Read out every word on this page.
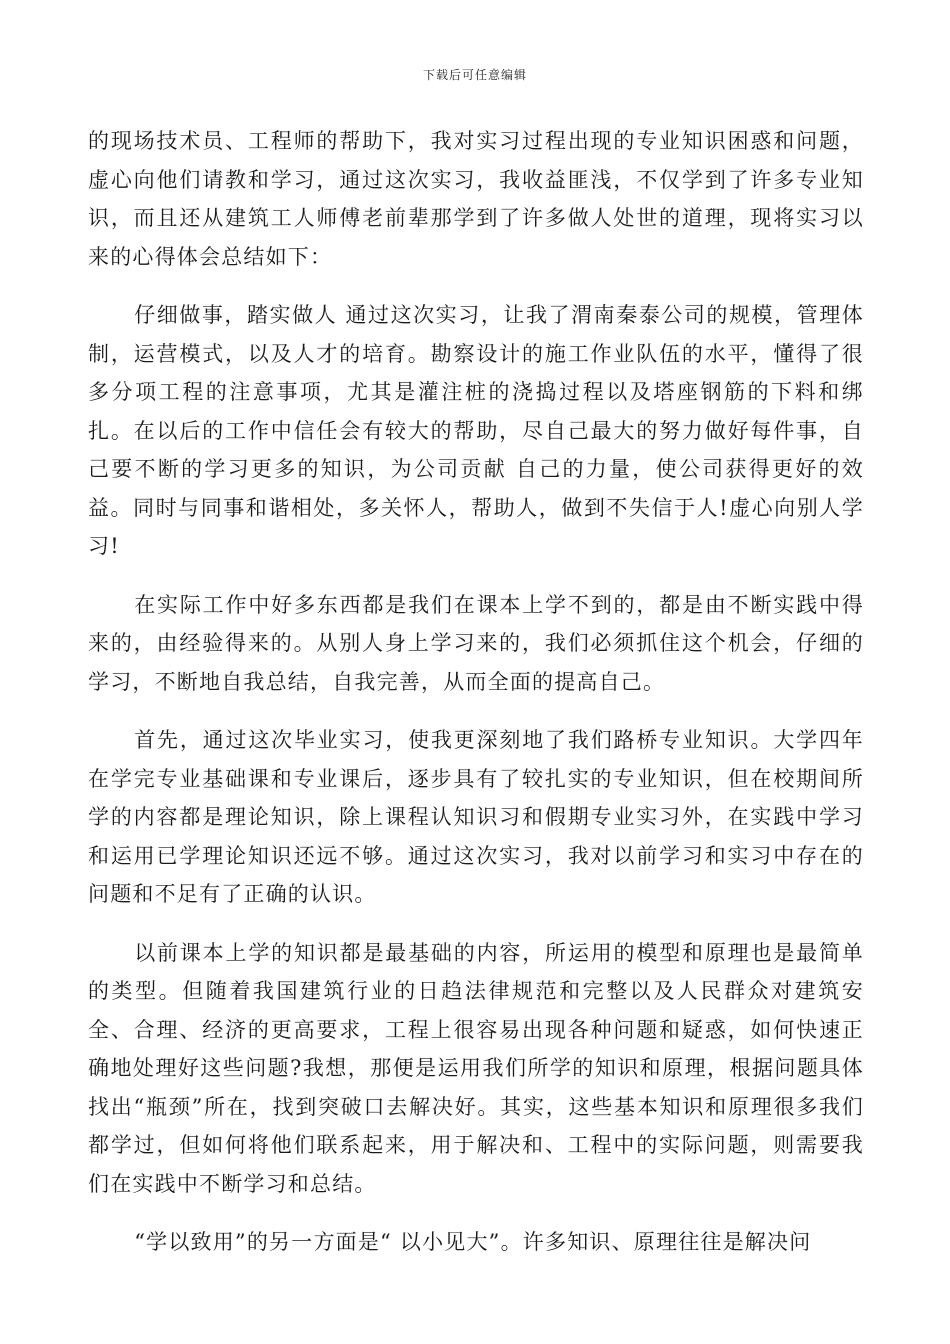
下载后可任意编辑

的现场技术员、工程师的帮助下，我对实习过程出现的专业知识困惑和问题，虚心向他们请教和学习，通过这次实习，我收益匪浅，不仅学到了许多专业知识，而且还从建筑工人师傅老前辈那学到了许多做人处世的道理，现将实习以来的心得体会总结如下：

仔细做事，踏实做人 通过这次实习，让我了渭南秦泰公司的规模，管理体制，运营模式，以及人才的培育。勘察设计的施工作业队伍的水平，懂得了很多分项工程的注意事项，尤其是灌注桩的浇捣过程以及塔座钢筋的下料和绑扎。在以后的工作中信任会有较大的帮助，尽自己最大的努力做好每件事，自己要不断的学习更多的知识，为公司贡献 自己的力量，使公司获得更好的效益。同时与同事和谐相处，多关怀人，帮助人，做到不失信于人!虚心向别人学习!

在实际工作中好多东西都是我们在课本上学不到的，都是由不断实践中得来的，由经验得来的。从别人身上学习来的，我们必须抓住这个机会，仔细的学习，不断地自我总结，自我完善，从而全面的提高自己。

首先，通过这次毕业实习，使我更深刻地了我们路桥专业知识。大学四年在学完专业基础课和专业课后，逐步具有了较扎实的专业知识，但在校期间所学的内容都是理论知识，除上课程认知识习和假期专业实习外，在实践中学习和运用已学理论知识还远不够。通过这次实习，我对以前学习和实习中存在的问题和不足有了正确的认识。

以前课本上学的知识都是最基础的内容，所运用的模型和原理也是最简单的类型。但随着我国建筑行业的日趋法律规范和完整以及人民群众对建筑安全、合理、经济的更高要求，工程上很容易出现各种问题和疑惑，如何快速正确地处理好这些问题?我想，那便是运用我们所学的知识和原理，根据问题具体找出“瓶颈”所在，找到突破口去解决好。其实，这些基本知识和原理很多我们都学过，但如何将他们联系起来，用于解决和、工程中的实际问题，则需要我们在实践中不断学习和总结。

“学以致用”的另一方面是“ 以小见大”。许多知识、原理往往是解决问
